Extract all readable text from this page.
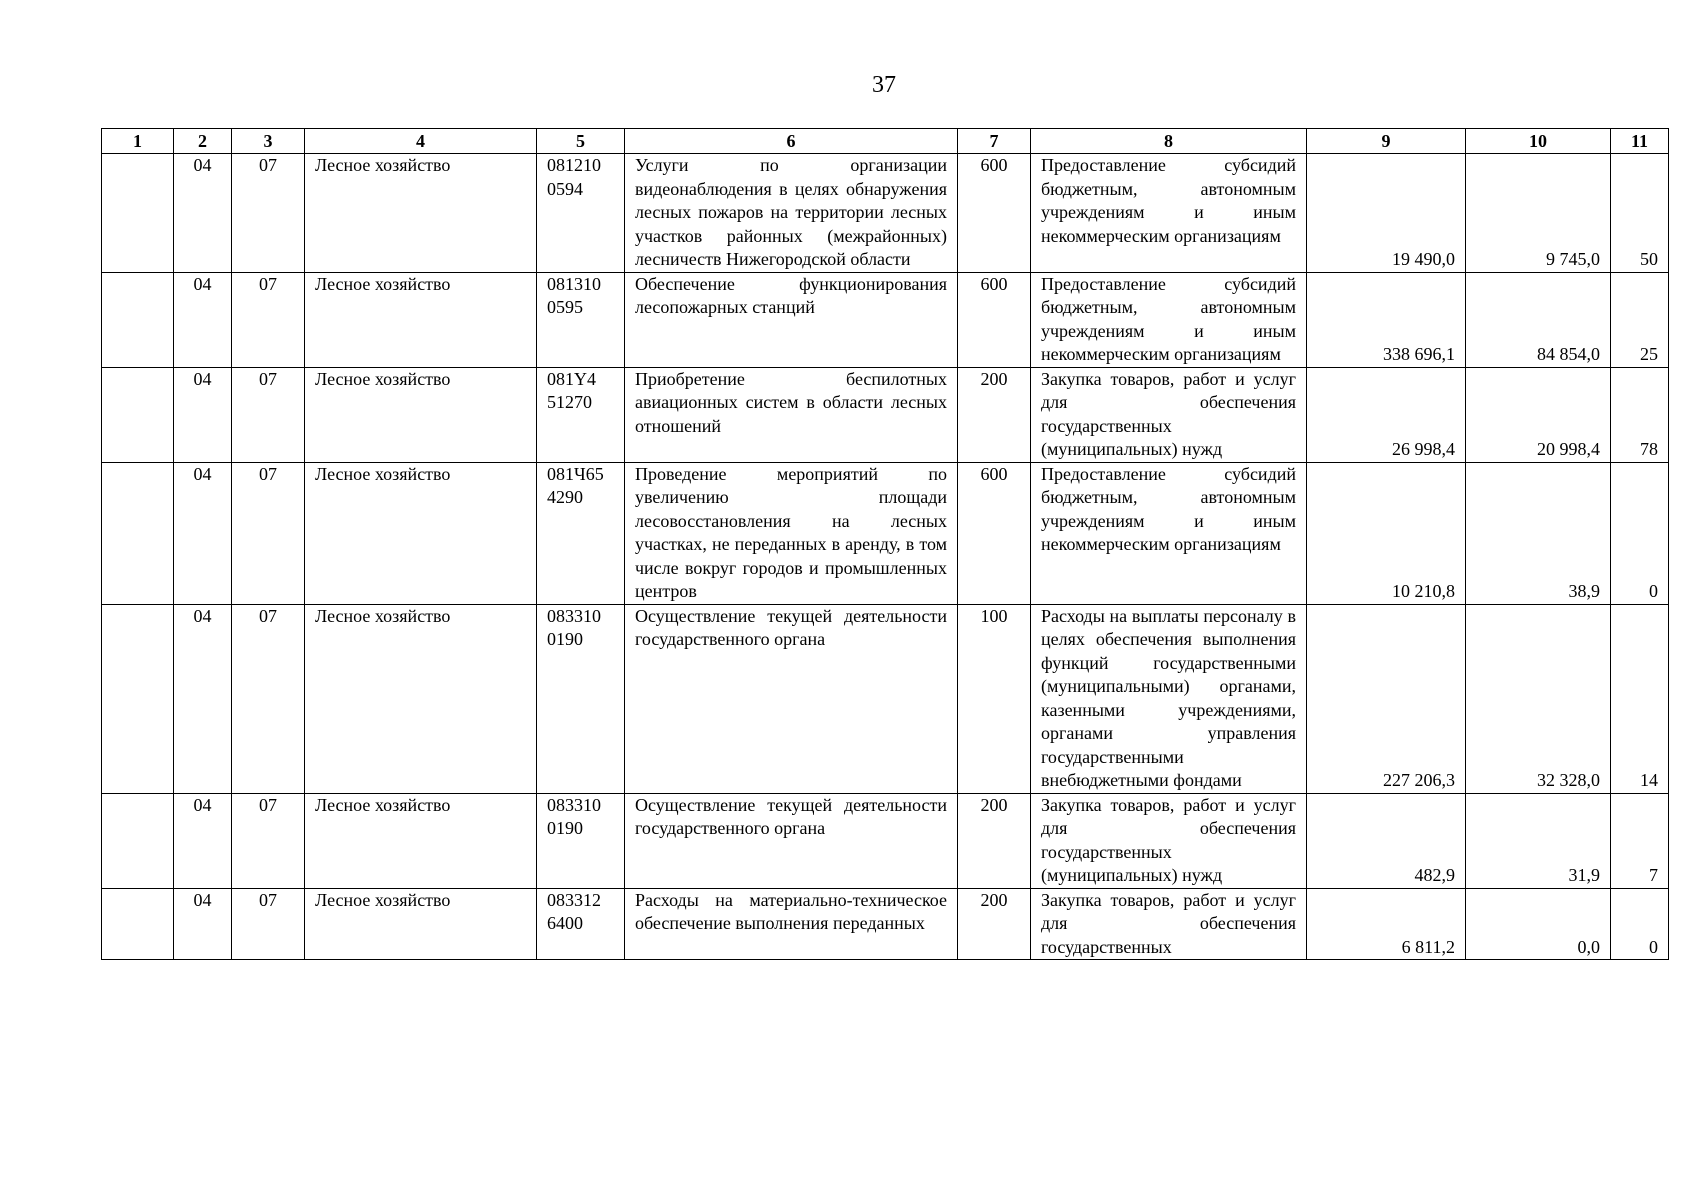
37
1	2	3	4	5	6	7	8	9	10	11
	04	07	Лесное хозяйство	081210 0594	Услуги по организации видеонаблюдения в целях обнаружения лесных пожаров на территории лесных участков районных (межрайонных) лесничеств Нижегородской области	600	Предоставление субсидий бюджетным, автономным учреждениям и иным некоммерческим организациям	19 490,0	9 745,0	50
	04	07	Лесное хозяйство	081310 0595	Обеспечение функционирования лесопожарных станций	600	Предоставление субсидий бюджетным, автономным учреждениям и иным некоммерческим организациям	338 696,1	84 854,0	25
	04	07	Лесное хозяйство	081Y4 51270	Приобретение беспилотных авиационных систем в области лесных отношений	200	Закупка товаров, работ и услуг для обеспечения государственных (муниципальных) нужд	26 998,4	20 998,4	78
	04	07	Лесное хозяйство	081Ч65 4290	Проведение мероприятий по увеличению площади лесовосстановления на лесных участках, не переданных в аренду, в том числе вокруг городов и промышленных центров	600	Предоставление субсидий бюджетным, автономным учреждениям и иным некоммерческим организациям	10 210,8	38,9	0
	04	07	Лесное хозяйство	083310 0190	Осуществление текущей деятельности государственного органа	100	Расходы на выплаты персоналу в целях обеспечения выполнения функций государственными (муниципальными) органами, казенными учреждениями, органами управления государственными внебюджетными фондами	227 206,3	32 328,0	14
	04	07	Лесное хозяйство	083310 0190	Осуществление текущей деятельности государственного органа	200	Закупка товаров, работ и услуг для обеспечения государственных (муниципальных) нужд	482,9	31,9	7
	04	07	Лесное хозяйство	083312 6400	Расходы на материально-техническое обеспечение выполнения переданных	200	Закупка товаров, работ и услуг для обеспечения государственных	6 811,2	0,0	0
